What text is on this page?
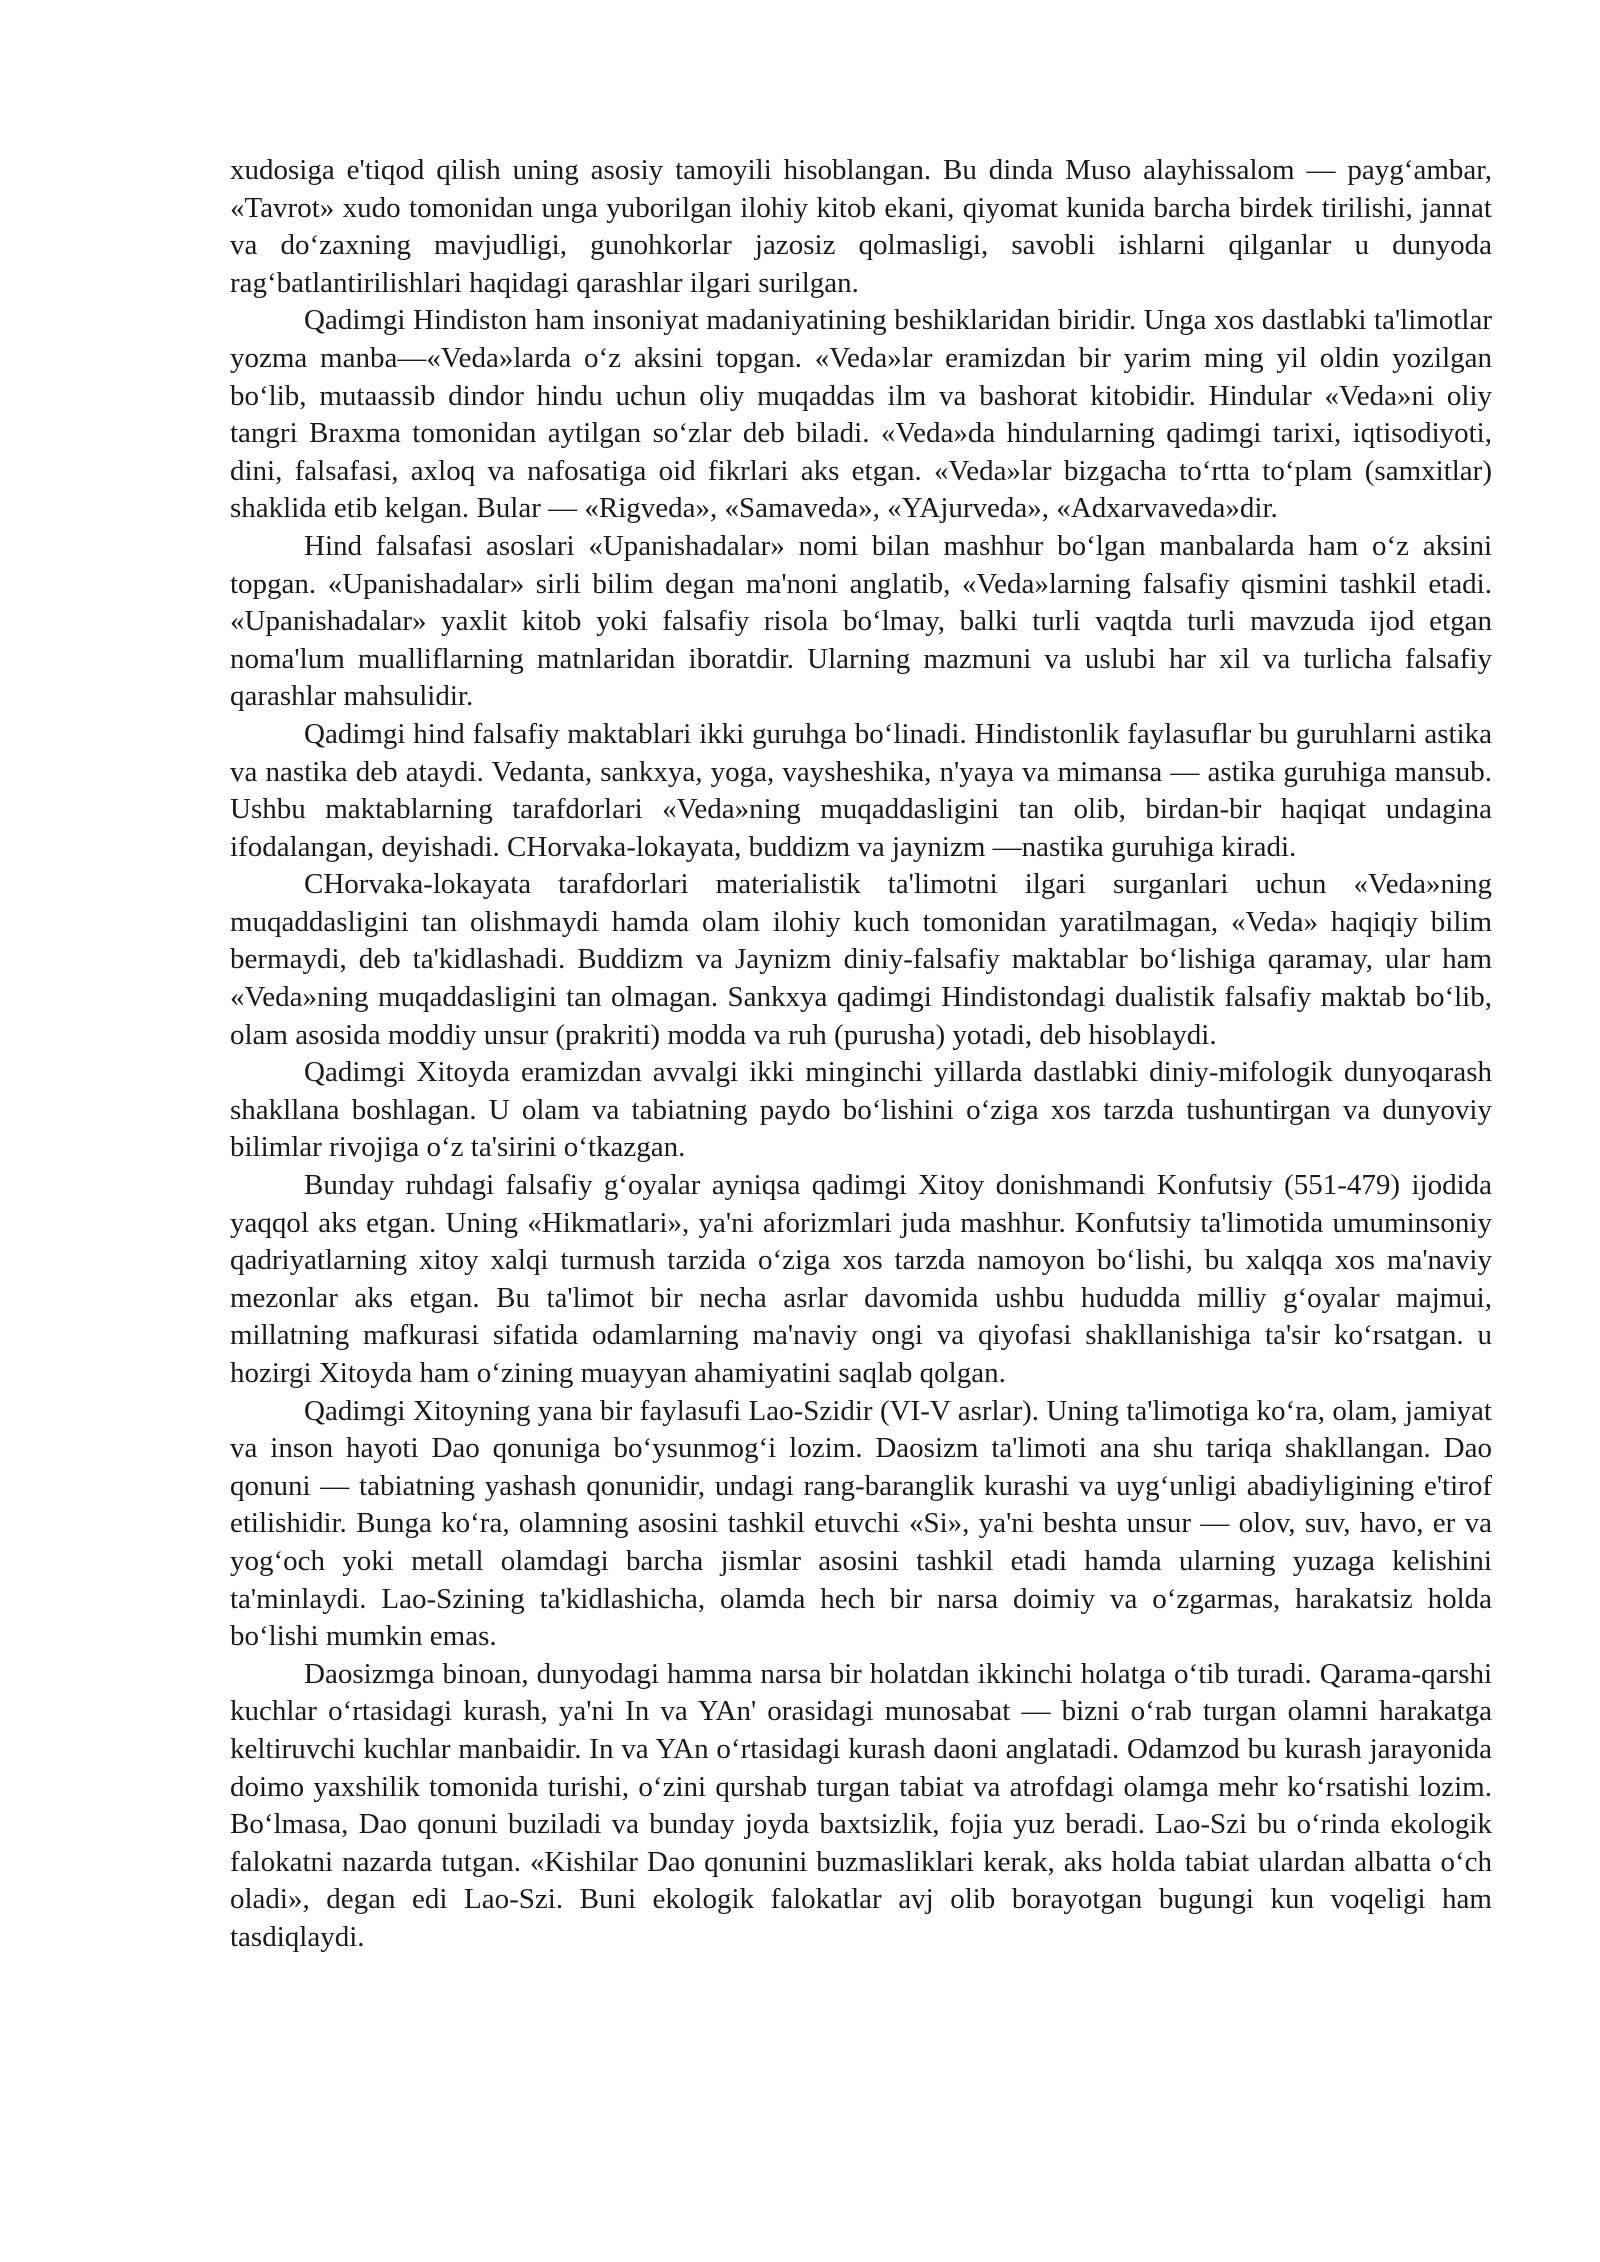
xudosiga e'tiqod qilish uning asosiy tamoyili hisoblangan. Bu dinda Muso alayhissalom — payg‘ambar, «Tavrot» xudo tomonidan unga yuborilgan ilohiy kitob ekani, qiyomat kunida barcha birdek tirilishi, jannat va do‘zaxning mavjudligi, gunohkorlar jazosiz qolmasligi, savobli ishlarni qilganlar u dunyoda rag‘batlantirilishlari haqidagi qarashlar ilgari surilgan.

Qadimgi Hindiston ham insoniyat madaniyatining beshiklaridan biridir. Unga xos dastlabki ta'limotlar yozma manba—«Veda»larda o‘z aksini topgan. «Veda»lar eramizdan bir yarim ming yil oldin yozilgan bo‘lib, mutaassib dindor hindu uchun oliy muqaddas ilm va bashorat kitobidir. Hindular «Veda»ni oliy tangri Braxma tomonidan aytilgan so‘zlar deb biladi. «Veda»da hindularning qadimgi tarixi, iqtisodiyoti, dini, falsafasi, axloq va nafosatiga oid fikrlari aks etgan. «Veda»lar bizgacha to‘rtta to‘plam (samxitlar) shaklida etib kelgan. Bular — «Rigveda», «Samaveda», «YAjurveda», «Adxarvaveda»dir.

Hind falsafasi asoslari «Upanishadalar» nomi bilan mashhur bo‘lgan manbalarda ham o‘z aksini topgan. «Upanishadalar» sirli bilim degan ma'noni anglatib, «Veda»larning falsafiy qismini tashkil etadi. «Upanishadalar» yaxlit kitob yoki falsafiy risola bo‘lmay, balki turli vaqtda turli mavzuda ijod etgan noma'lum mualliflarning matnlaridan iboratdir. Ularning mazmuni va uslubi har xil va turlicha falsafiy qarashlar mahsulidir.

Qadimgi hind falsafiy maktablari ikki guruhga bo‘linadi. Hindistonlik faylasuflar bu guruhlarni astika va nastika deb ataydi. Vedanta, sankxya, yoga, vaysheshika, n'yaya va mimansa — astika guruhiga mansub. Ushbu maktablarning tarafdorlari «Veda»ning muqaddasligini tan olib, birdan-bir haqiqat undagina ifodalangan, deyishadi. CHorvaka-lokayata, buddizm va jaynizm —nastika guruhiga kiradi.

CHorvaka-lokayata tarafdorlari materialistik ta'limotni ilgari surganlari uchun «Veda»ning muqaddasligini tan olishmaydi hamda olam ilohiy kuch tomonidan yaratilmagan, «Veda» haqiqiy bilim bermaydi, deb ta'kidlashadi. Buddizm va Jaynizm diniy-falsafiy maktablar bo‘lishiga qaramay, ular ham «Veda»ning muqaddasligini tan olmagan. Sankxya qadimgi Hindistondagi dualistik falsafiy maktab bo‘lib, olam asosida moddiy unsur (prakriti) modda va ruh (purusha) yotadi, deb hisoblaydi.

Qadimgi Xitoyda eramizdan avvalgi ikki minginchi yillarda dastlabki diniy-mifologik dunyoqarash shakllana boshlagan. U olam va tabiatning paydo bo‘lishini o‘ziga xos tarzda tushuntirgan va dunyoviy bilimlar rivojiga o‘z ta'sirini o‘tkazgan.

Bunday ruhdagi falsafiy g‘oyalar ayniqsa qadimgi Xitoy donishmandi Konfutsiy (551-479) ijodida yaqqol aks etgan. Uning «Hikmatlari», ya'ni aforizmlari juda mashhur. Konfutsiy ta'limotida umuminsoniy qadriyatlarning xitoy xalqi turmush tarzida o‘ziga xos tarzda namoyon bo‘lishi, bu xalqqa xos ma'naviy mezonlar aks etgan. Bu ta'limot bir necha asrlar davomida ushbu hududda milliy g‘oyalar majmui, millatning mafkurasi sifatida odamlarning ma'naviy ongi va qiyofasi shakllanishiga ta'sir ko‘rsatgan. u hozirgi Xitoyda ham o‘zining muayyan ahamiyatini saqlab qolgan.

Qadimgi Xitoyning yana bir faylasufi Lao-Szidir (VI-V asrlar). Uning ta'limotiga ko‘ra, olam, jamiyat va inson hayoti Dao qonuniga bo‘ysunmog‘i lozim. Daosizm ta'limoti ana shu tariqa shakllangan. Dao qonuni — tabiatning yashash qonunidir, undagi rang-baranglik kurashi va uyg‘unligi abadiyligining e'tirof etilishidir. Bunga ko‘ra, olamning asosini tashkil etuvchi «Si», ya'ni beshta unsur — olov, suv, havo, er va yog‘och yoki metall olamdagi barcha jismlar asosini tashkil etadi hamda ularning yuzaga kelishini ta'minlaydi. Lao-Szining ta'kidlashicha, olamda hech bir narsa doimiy va o‘zgarmas, harakatsiz holda bo‘lishi mumkin emas.

Daosizmga binoan, dunyodagi hamma narsa bir holatdan ikkinchi holatga o‘tib turadi. Qarama-qarshi kuchlar o‘rtasidagi kurash, ya'ni In va YAn' orasidagi munosabat — bizni o‘rab turgan olamni harakatga keltiruvchi kuchlar manbaidir. In va YAn o‘rtasidagi kurash daoni anglatadi. Odamzod bu kurash jarayonida doimo yaxshilik tomonida turishi, o‘zini qurshab turgan tabiat va atrofdagi olamga mehr ko‘rsatishi lozim. Bo‘lmasa, Dao qonuni buziladi va bunday joyda baxtsizlik, fojia yuz beradi. Lao-Szi bu o‘rinda ekologik falokatni nazarda tutgan. «Kishilar Dao qonunini buzmasliklari kerak, aks holda tabiat ulardan albatta o‘ch oladi», degan edi Lao-Szi. Buni ekologik falokatlar avj olib borayotgan bugungi kun voqeligi ham tasdiqlaydi.
